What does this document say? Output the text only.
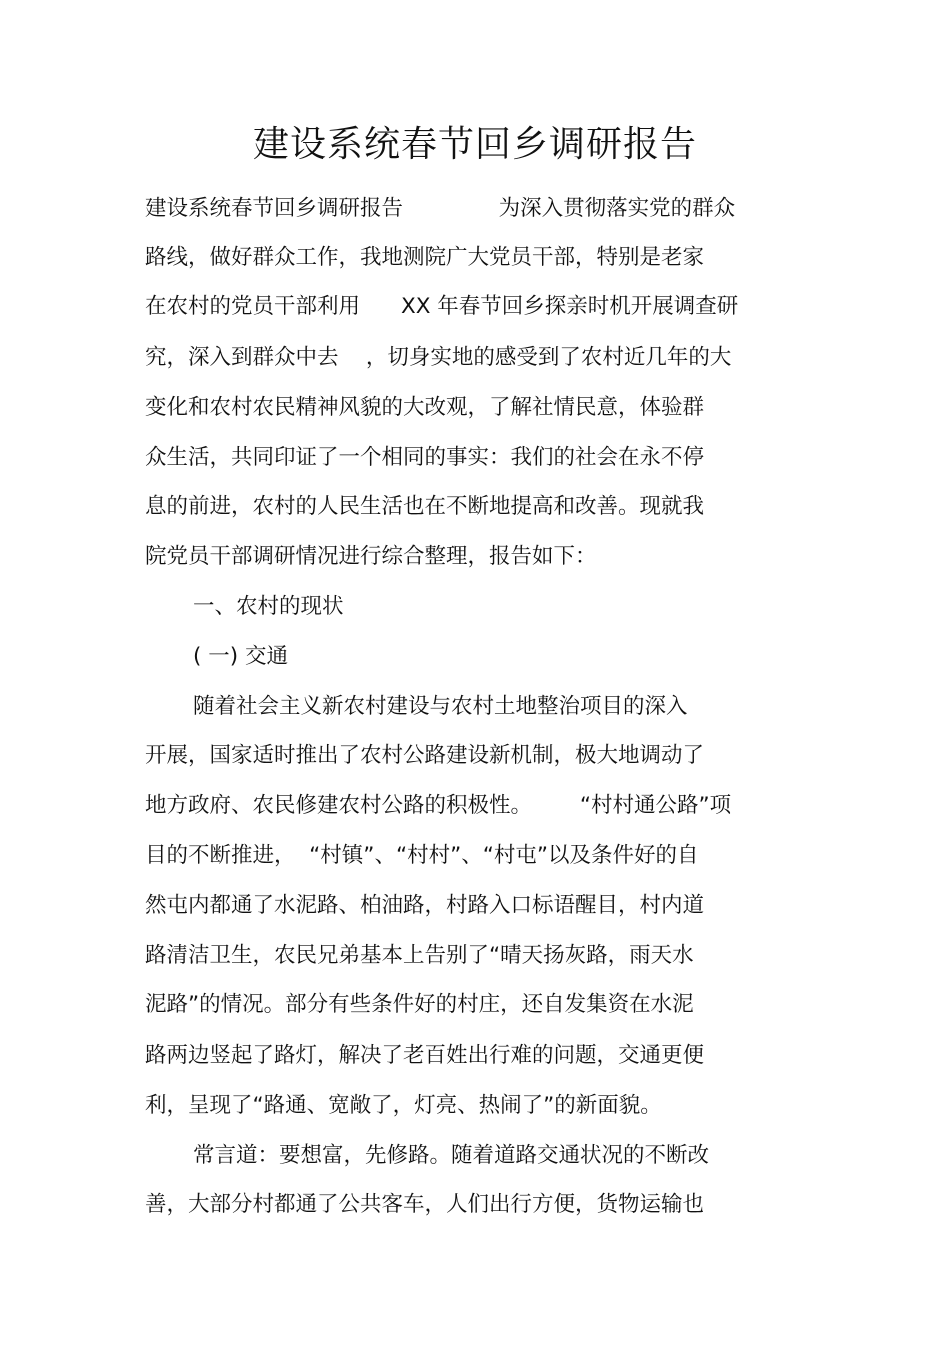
建设系统春节回乡调研报告
建设系统春节回乡调研报告              为深入贯彻落实党的群众
路线，做好群众工作，我地测院广大党员干部，特别是老家
在农村的党员干部利用      XX 年春节回乡探亲时机开展调查研
究，深入到群众中去    ，切身实地的感受到了农村近几年的大
变化和农村农民精神风貌的大改观，了解社情民意，体验群
众生活，共同印证了一个相同的事实：我们的社会在永不停
息的前进，农村的人民生活也在不断地提高和改善。现就我
院党员干部调研情况进行综合整理，报告如下：
一、农村的现状
( 一) 交通
随着社会主义新农村建设与农村土地整治项目的深入
开展，国家适时推出了农村公路建设新机制，极大地调动了
地方政府、农民修建农村公路的积极性。       “村村通公路”项
目的不断推进，  “村镇”、“村村”、“村屯”以及条件好的自
然屯内都通了水泥路、柏油路，村路入口标语醒目，村内道
路清洁卫生，农民兄弟基本上告别了“晴天扬灰路，雨天水
泥路”的情况。部分有些条件好的村庄，还自发集资在水泥
路两边竖起了路灯，解决了老百姓出行难的问题，交通更便
利，呈现了“路通、宽敞了，灯亮、热闹了”的新面貌。
常言道：要想富，先修路。随着道路交通状况的不断改
善，大部分村都通了公共客车，人们出行方便，货物运输也
